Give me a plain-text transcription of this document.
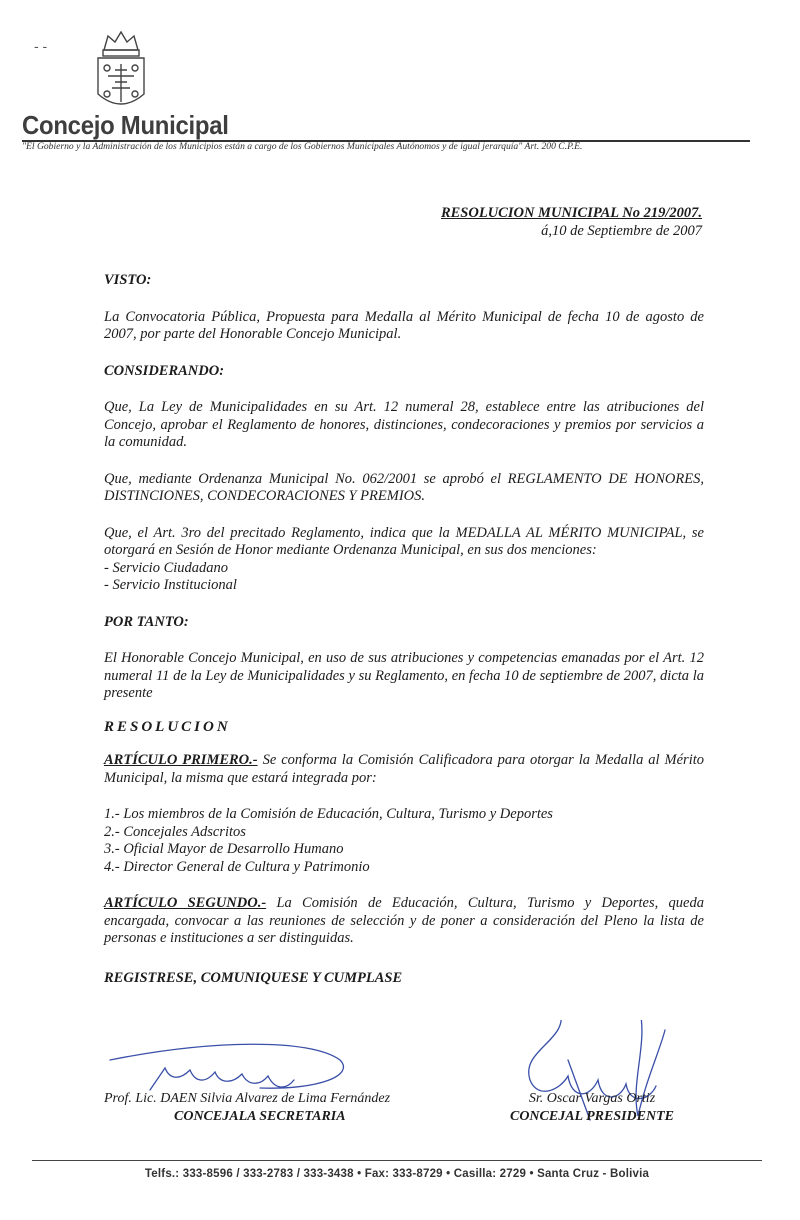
- -
Concejo Municipal
"El Gobierno y la Administración de los Municipios están a cargo de los Gobiernos Municipales Autónomos y de igual jerarquía" Art. 200 C.P.E.
RESOLUCION MUNICIPAL No 219/2007.
á,10 de Septiembre de 2007

VISTO:

La Convocatoria Pública, Propuesta para Medalla al Mérito Municipal de fecha 10 de agosto de 2007, por parte del Honorable Concejo Municipal.

CONSIDERANDO:

Que, La Ley de Municipalidades en su Art. 12 numeral 28, establece entre las atribuciones del Concejo, aprobar el Reglamento de honores, distinciones, condecoraciones y premios por servicios a la comunidad.

Que, mediante Ordenanza Municipal No. 062/2001 se aprobó el REGLAMENTO DE HONORES, DISTINCIONES, CONDECORACIONES Y PREMIOS.

Que, el Art. 3ro del precitado Reglamento, indica que la MEDALLA AL MÉRITO MUNICIPAL, se otorgará en Sesión de Honor mediante Ordenanza Municipal, en sus dos menciones:

- Servicio Ciudadano
- Servicio Institucional

POR TANTO:

El Honorable Concejo Municipal, en uso de sus atribuciones y competencias emanadas por el Art. 12 numeral 11 de la Ley de Municipalidades y su Reglamento, en fecha 10 de septiembre de 2007, dicta la presente

RESOLUCION

ARTÍCULO PRIMERO.- Se conforma la Comisión Calificadora para otorgar la Medalla al Mérito Municipal, la misma que estará integrada por:

1.- Los miembros de la Comisión de Educación, Cultura, Turismo y Deportes
2.- Concejales Adscritos
3.- Oficial Mayor de Desarrollo Humano
4.- Director General de Cultura y Patrimonio

ARTÍCULO SEGUNDO.- La Comisión de Educación, Cultura, Turismo y Deportes, queda encargada, convocar a las reuniones de selección y de poner a consideración del Pleno la lista de personas e instituciones a ser distinguidas.

REGISTRESE, COMUNIQUESE Y CUMPLASE

Prof. Lic. DAEN Silvia Alvarez de Lima Fernández
CONCEJALA SECRETARIA
Sr. Oscar Vargas Ortiz
CONCEJAL PRESIDENTE
Telfs.: 333-8596 / 333-2783 / 333-3438 • Fax: 333-8729 • Casilla: 2729 • Santa Cruz - Bolivia
